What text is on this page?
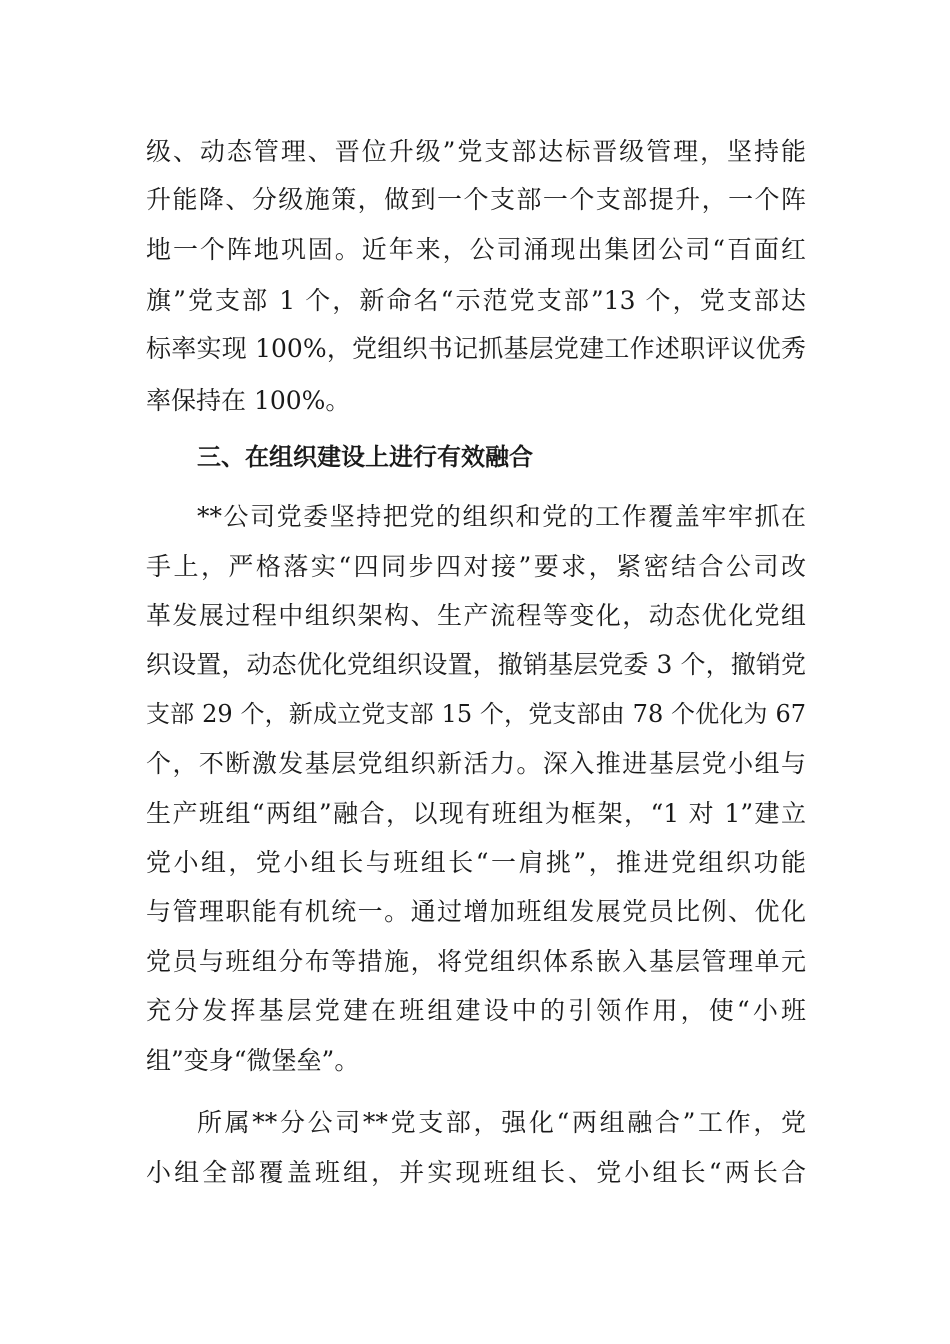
级、动态管理、晋位升级”党支部达标晋级管理，坚持能
升能降、分级施策，做到一个支部一个支部提升，一个阵
地一个阵地巩固。近年来，公司涌现出集团公司“百面红
旗”党支部 1 个，新命名“示范党支部”13 个，党支部达
标率实现 100%，党组织书记抓基层党建工作述职评议优秀
率保持在 100%。
三、在组织建设上进行有效融合
**公司党委坚持把党的组织和党的工作覆盖牢牢抓在
手上，严格落实“四同步四对接”要求，紧密结合公司改
革发展过程中组织架构、生产流程等变化，动态优化党组
织设置，动态优化党组织设置，撤销基层党委 3 个，撤销党
支部 29 个，新成立党支部 15 个，党支部由 78 个优化为 67
个，不断激发基层党组织新活力。深入推进基层党小组与
生产班组“两组”融合，以现有班组为框架，“1 对 1”建立
党小组，党小组长与班组长“一肩挑”，推进党组织功能
与管理职能有机统一。通过增加班组发展党员比例、优化
党员与班组分布等措施，将党组织体系嵌入基层管理单元
充分发挥基层党建在班组建设中的引领作用，使“小班
组”变身“微堡垒”。
所属**分公司**党支部，强化“两组融合”工作，党
小组全部覆盖班组，并实现班组长、党小组长“两长合
